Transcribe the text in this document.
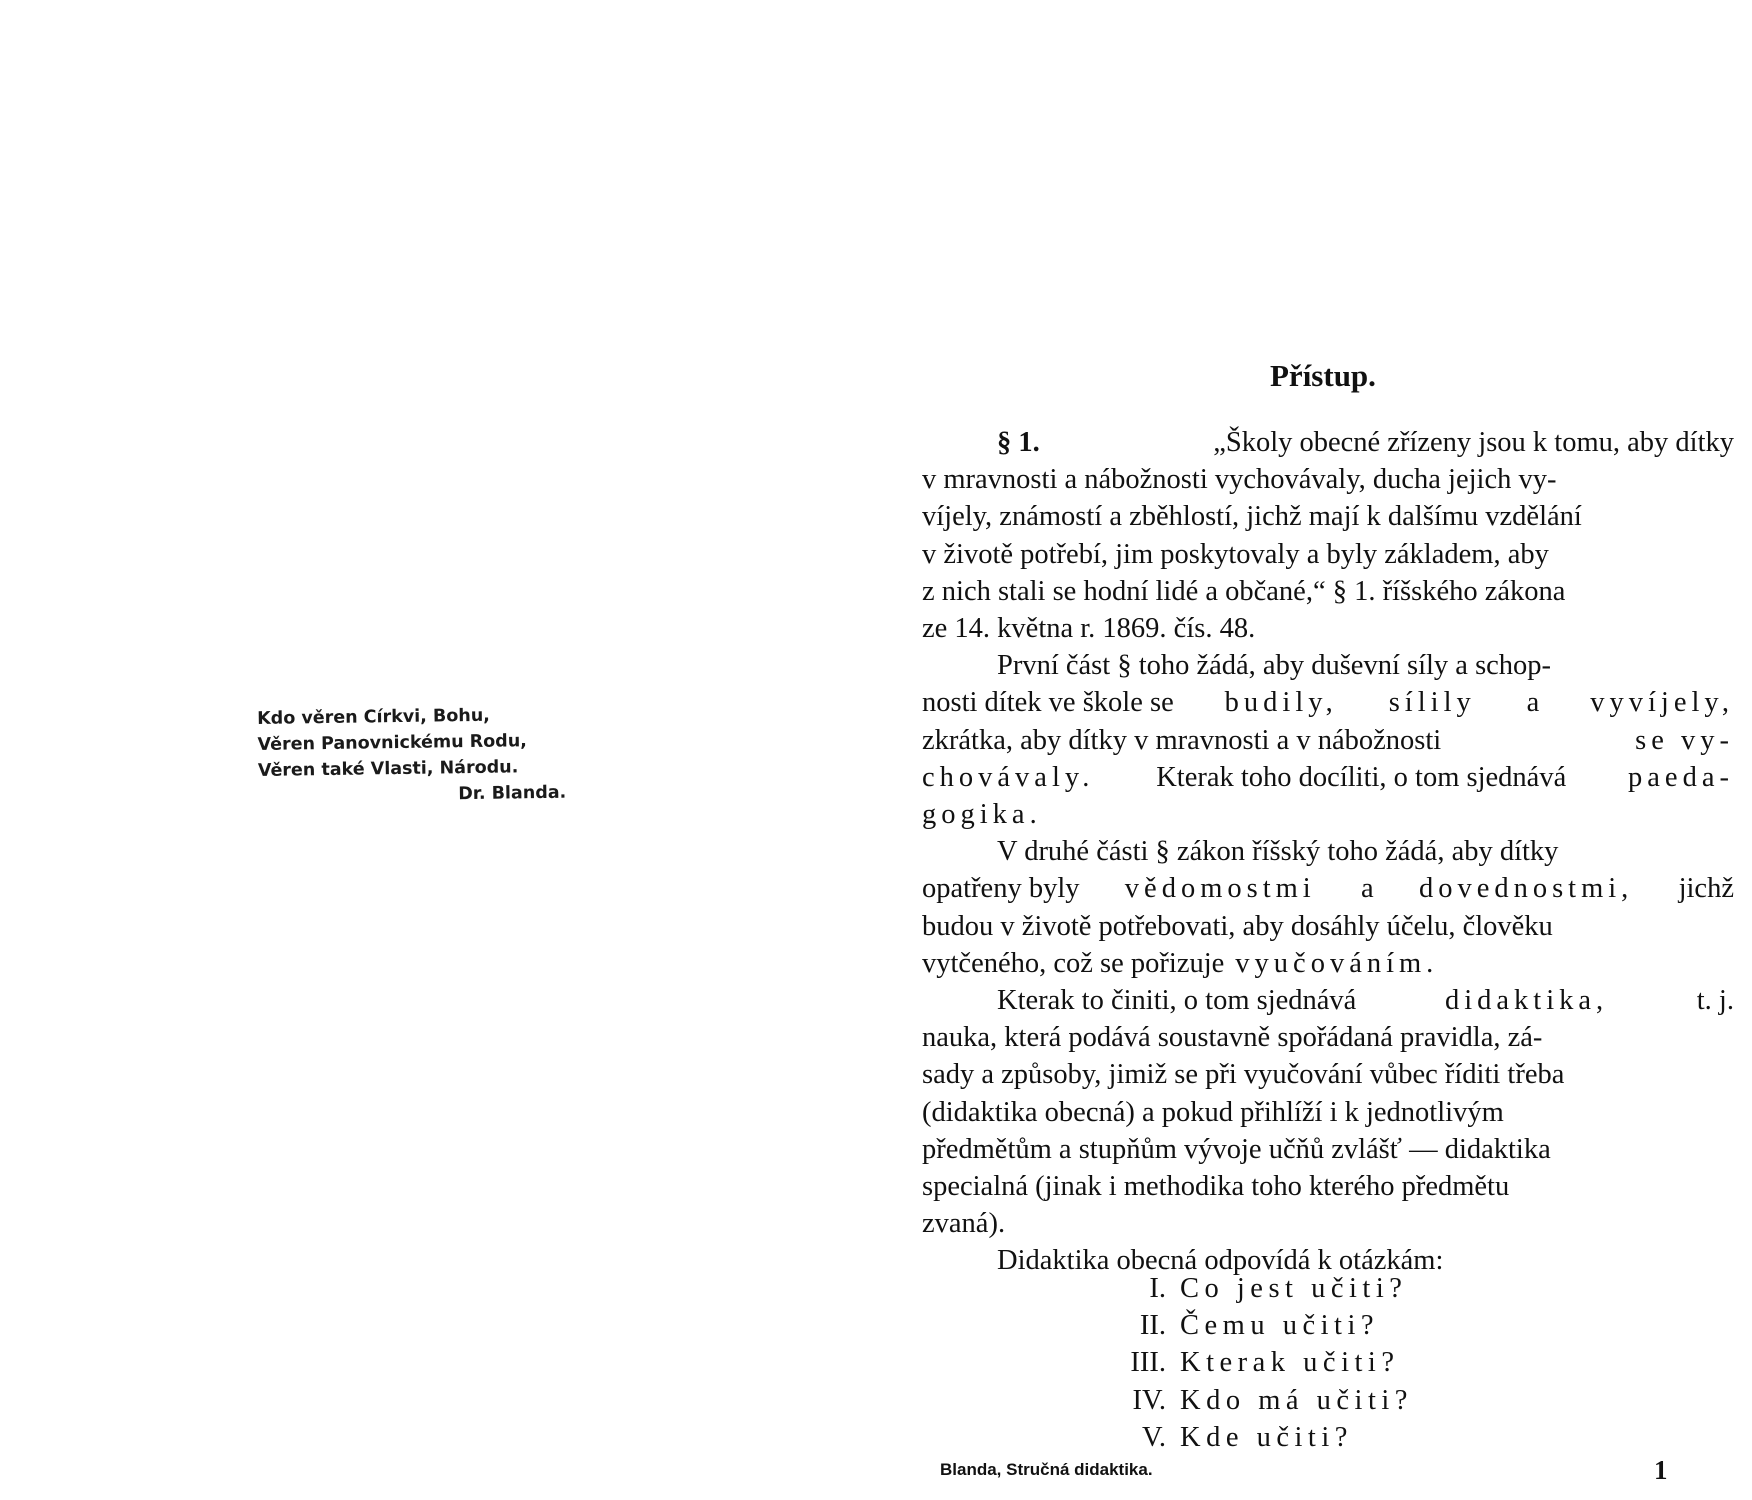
Kdo věren Církvi, Bohu,
Věren Panovnickému Rodu,
Věren také Vlasti, Národu.
Dr. Blanda.
Přístup.
§ 1.	„Školy obecné zřízeny jsou k tomu, aby dítky
v mravnosti a nábožnosti vychovávaly, ducha jejich vy-
víjely, známostí a zběhlostí, jichž mají k dalšímu vzdělání
v životě potřebí, jim poskytovaly a byly základem, aby
z nich stali se hodní lidé a občané,“ § 1. říšského zákona
ze 14. května r. 1869. čís. 48.
První část § toho žádá, aby duševní síly a schop-
nosti dítek ve škole se budily, sílily a vyvíjely,
zkrátka, aby dítky v mravnosti a v nábožnosti	se vy-
chovávaly. Kterak toho docíliti, o tom sjednává paeda-
gogika.
V druhé části § zákon říšský toho žádá, aby dítky
opatřeny byly vědomostmi a dovednostmi, jichž
budou v životě potřebovati, aby dosáhly účelu, člověku
vytčeného, což se pořizuje vyučováním.
Kterak to činiti, o tom sjednává	didaktika,	t. j.
nauka, která podává soustavně spořádaná pravidla, zá-
sady a způsoby, jimiž se při vyučování vůbec říditi třeba
(didaktika obecná) a pokud přihlíží i k jednotlivým
předmětům a stupňům vývoje učňů zvlášť — didaktika
specialná (jinak i methodika toho kterého předmětu
zvaná).
Didaktika obecná odpovídá k otázkám:
I. Co jest učiti?
II. Čemu učiti?
III. Kterak učiti?
IV. Kdo má učiti?
V. Kde učiti?
Blanda, Stručná didaktika.	1
